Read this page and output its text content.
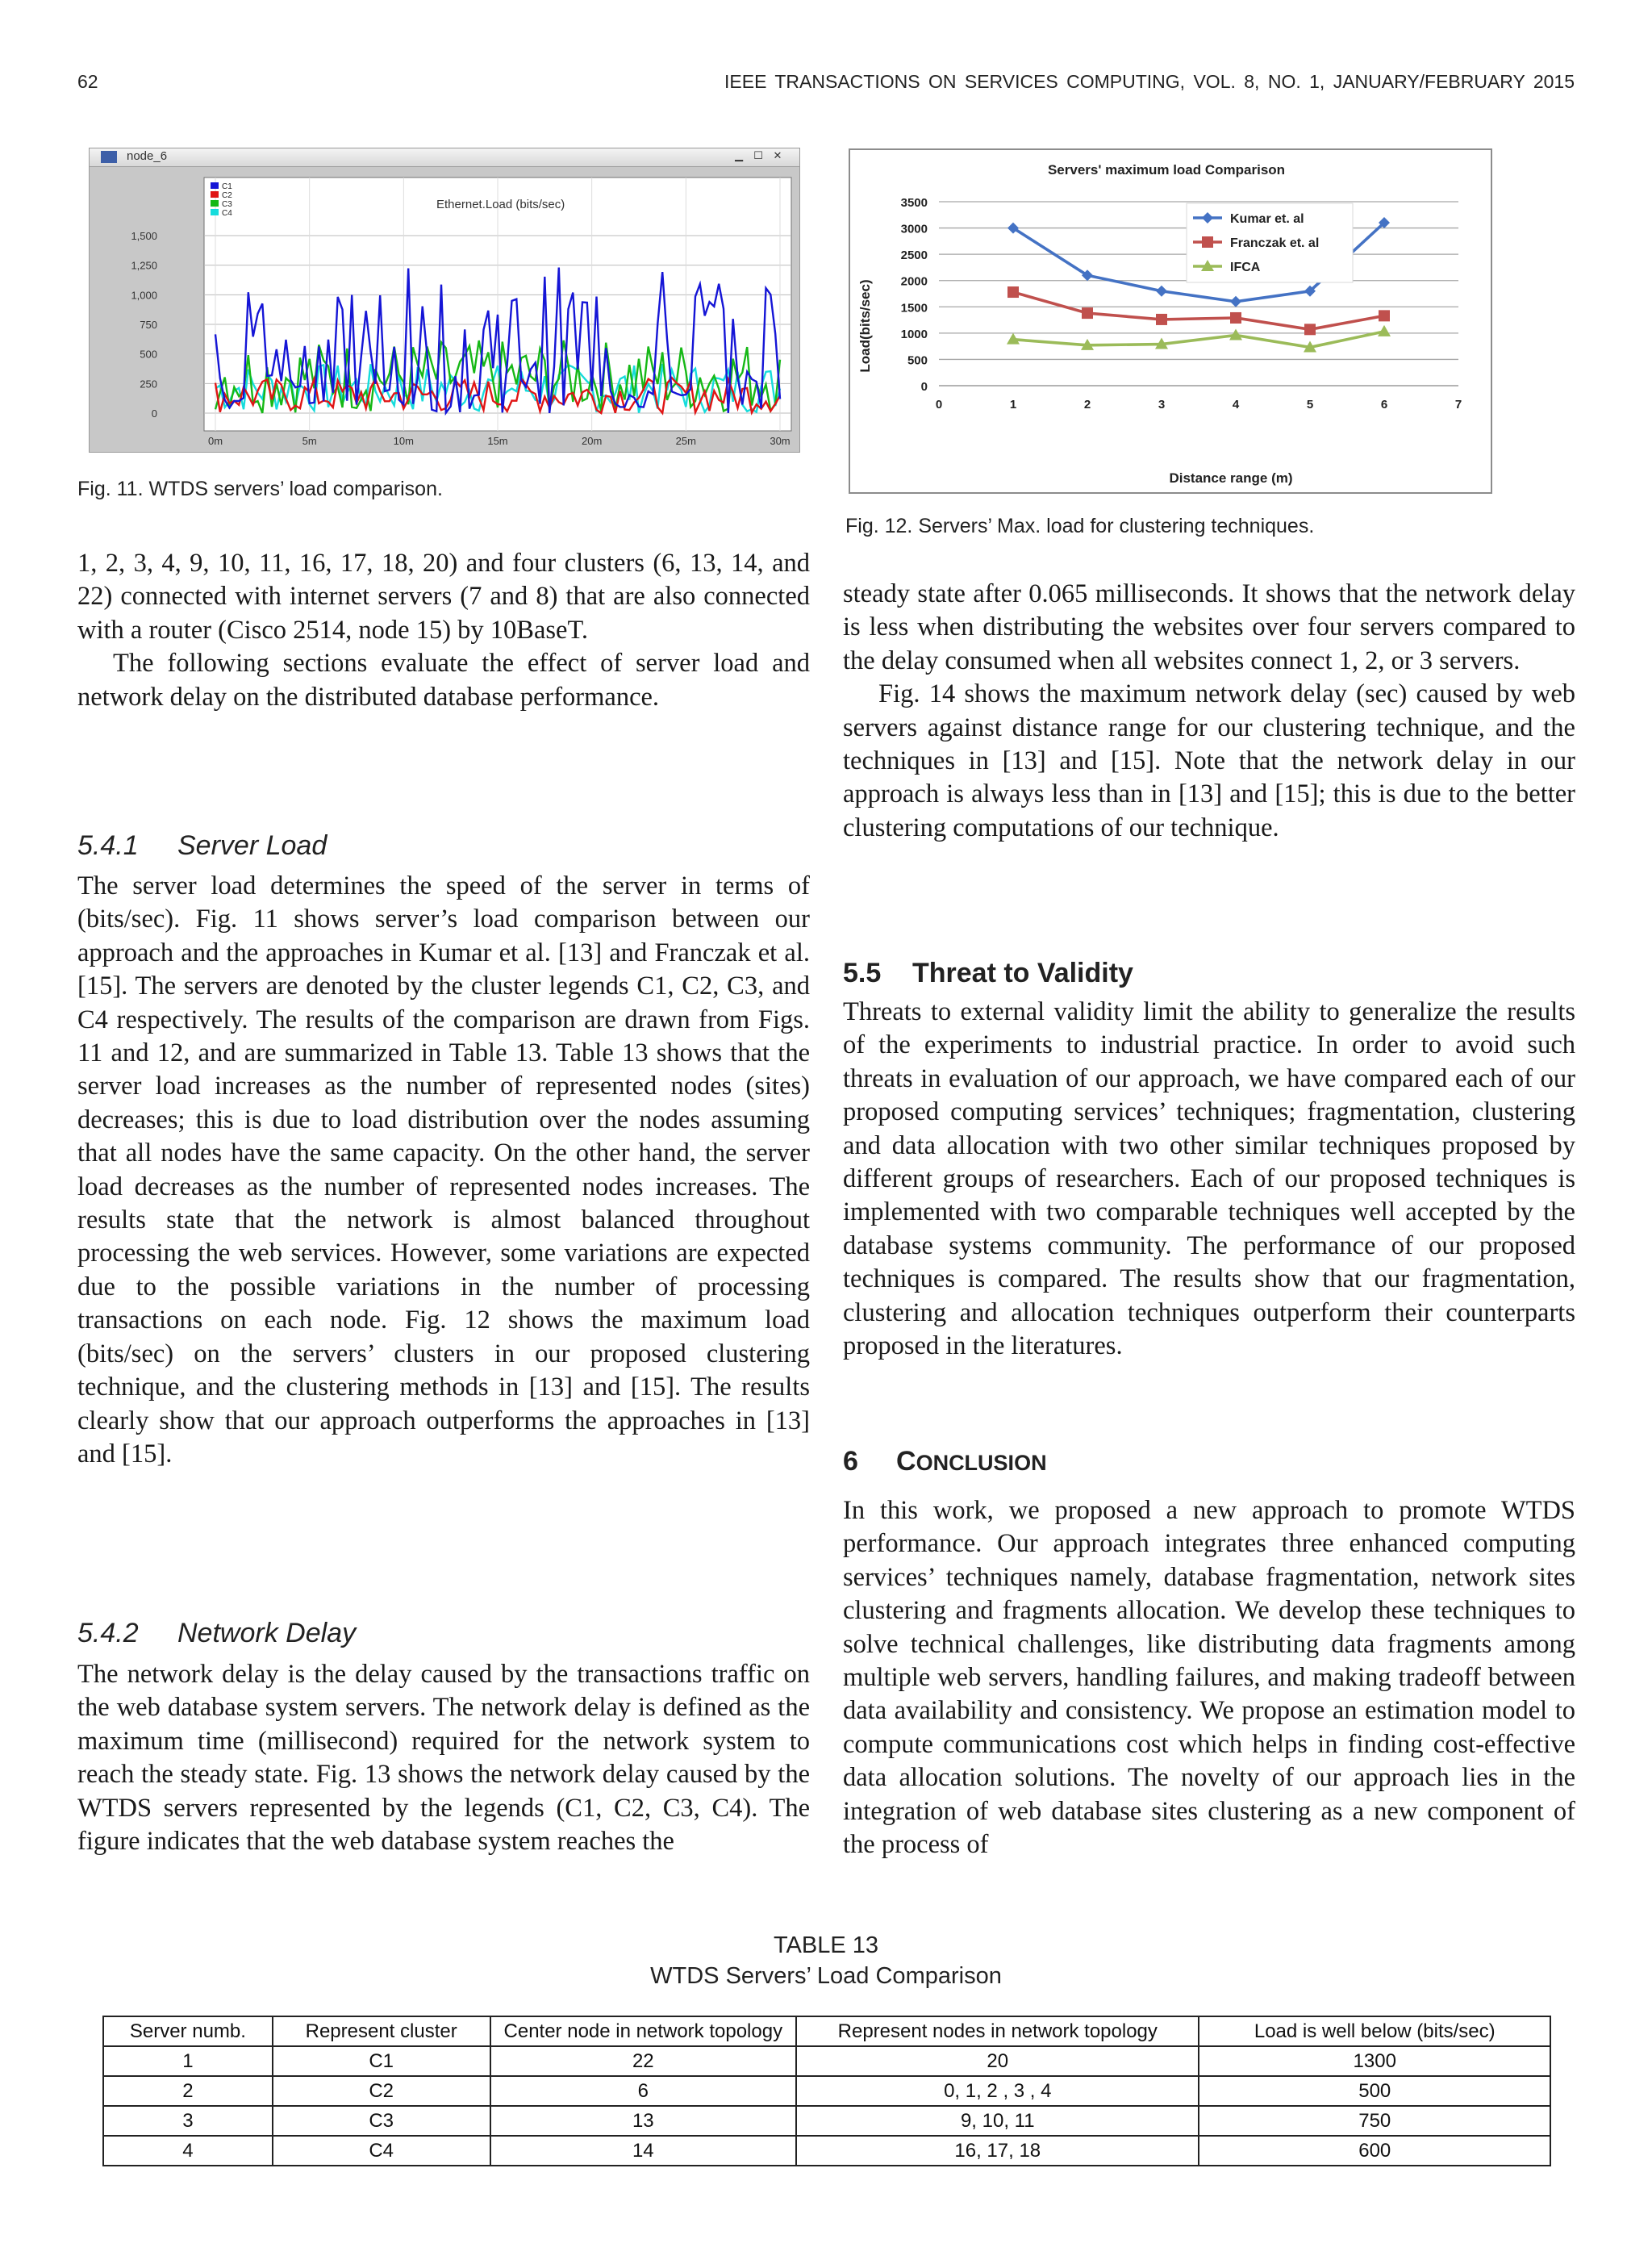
62	IEEE TRANSACTIONS ON SERVICES COMPUTING, VOL. 8, NO. 1, JANUARY/FEBRUARY 2015
node_6	▁	☐ ✕
C1
C2
C3
C4
Ethernet.Load (bits/sec)
1,500
1,250
1,000
750
500
250
0
0m	5m	10m	15m	20m	25m	30m
Fig. 11. WTDS servers’ load comparison.
Servers' maximum load Comparison
0
500
1000
1500
2000
2500
3000
3500
0	1	2	3	4	5	6	7
Kumar et. al
Franczak et. al
IFCA
Distance range (m)
Load(bits/sec)
Fig. 12. Servers’ Max. load for clustering techniques.

1, 2, 3, 4, 9, 10, 11, 16, 17, 18, 20) and four clusters (6, 13, 14, and 22) connected with internet servers (7 and 8) that are also connected with a router (Cisco 2514, node 15) by 10BaseT.

The following sections evaluate the effect of server load and network delay on the distributed database performance.

5.4.1 Server Load

The server load determines the speed of the server in terms of (bits/sec). Fig. 11 shows server’s load comparison between our approach and the approaches in Kumar et al. [13] and Franczak et al. [15]. The servers are denoted by the cluster legends C1, C2, C3, and C4 respectively. The results of the comparison are drawn from Figs. 11 and 12, and are summarized in Table 13. Table 13 shows that the server load increases as the number of represented nodes (sites) decreases; this is due to load distribution over the nodes assuming that all nodes have the same capacity. On the other hand, the server load decreases as the number of represented nodes increases. The results state that the network is almost balanced throughout processing the web services. However, some variations are expected due to the possible variations in the number of processing transactions on each node. Fig. 12 shows the maximum load (bits/sec) on the servers’ clusters in our proposed clustering technique, and the clustering methods in [13] and [15]. The results clearly show that our approach outperforms the approaches in [13] and [15].

5.4.2 Network Delay

The network delay is the delay caused by the transactions traffic on the web database system servers. The network delay is defined as the maximum time (millisecond) required for the network system to reach the steady state. Fig. 13 shows the network delay caused by the WTDS servers represented by the legends (C1, C2, C3, C4). The figure indicates that the web database system reaches the

steady state after 0.065 milliseconds. It shows that the network delay is less when distributing the websites over four servers compared to the delay consumed when all websites connect 1, 2, or 3 servers.

Fig. 14 shows the maximum network delay (sec) caused by web servers against distance range for our clustering technique, and the techniques in [13] and [15]. Note that the network delay in our approach is always less than in [13] and [15]; this is due to the better clustering computations of our technique.

5.5 Threat to Validity

Threats to external validity limit the ability to generalize the results of the experiments to industrial practice. In order to avoid such threats in evaluation of our approach, we have compared each of our proposed computing services’ techniques; fragmentation, clustering and data allocation with two other similar techniques proposed by different groups of researchers. Each of our proposed techniques is implemented with two comparable techniques well accepted by the database systems community. The performance of our proposed techniques is compared. The results show that our fragmentation, clustering and allocation techniques outperform their counterparts proposed in the literatures.

6 CONCLUSION

In this work, we proposed a new approach to promote WTDS performance. Our approach integrates three enhanced computing services’ techniques namely, database fragmentation, network sites clustering and fragments allocation. We develop these techniques to solve technical challenges, like distributing data fragments among multiple web servers, handling failures, and making tradeoff between data availability and consistency. We propose an estimation model to compute communications cost which helps in finding cost-effective data allocation solutions. The novelty of our approach lies in the integration of web database sites clustering as a new component of the process of

TABLE 13
WTDS Servers’ Load Comparison
Server numb.	Represent cluster	Center node in network topology	Represent nodes in network topology	Load is well below (bits/sec)
1	C1	22	20	1300
2	C2	6	0, 1, 2 , 3 , 4	500
3	C3	13	9, 10, 11	750
4	C4	14	16, 17, 18	600
